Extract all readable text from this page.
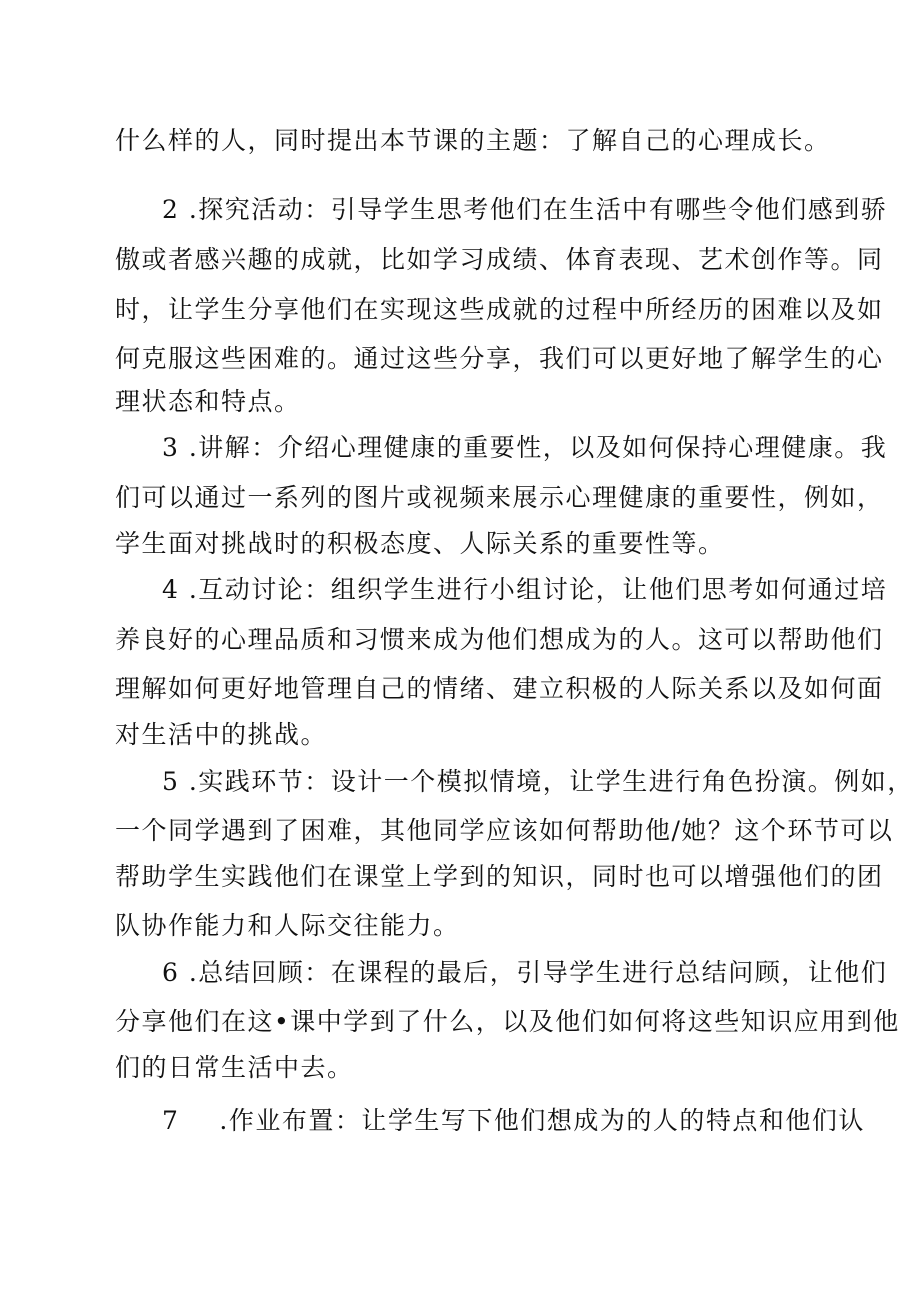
什么样的人，同时提出本节课的主题：了解自己的心理成长。
2 .探究活动：引导学生思考他们在生活中有哪些令他们感到骄
傲或者感兴趣的成就，比如学习成绩、体育表现、艺术创作等。同
时，让学生分享他们在实现这些成就的过程中所经历的困难以及如
何克服这些困难的。通过这些分享，我们可以更好地了解学生的心
理状态和特点。
3 .讲解：介绍心理健康的重要性，以及如何保持心理健康。我
们可以通过一系列的图片或视频来展示心理健康的重要性，例如，
学生面对挑战时的积极态度、人际关系的重要性等。
4 .互动讨论：组织学生进行小组讨论，让他们思考如何通过培
养良好的心理品质和习惯来成为他们想成为的人。这可以帮助他们
理解如何更好地管理自己的情绪、建立积极的人际关系以及如何面
对生活中的挑战。
5 .实践环节：设计一个模拟情境，让学生进行角色扮演。例如，
一个同学遇到了困难，其他同学应该如何帮助他/她？这个环节可以
帮助学生实践他们在课堂上学到的知识，同时也可以增强他们的团
队协作能力和人际交往能力。
6 .总结回顾：在课程的最后，引导学生进行总结问顾，让他们
分享他们在这•课中学到了什么，以及他们如何将这些知识应用到他
们的日常生活中去。
7 .作业布置：让学生写下他们想成为的人的特点和他们认
